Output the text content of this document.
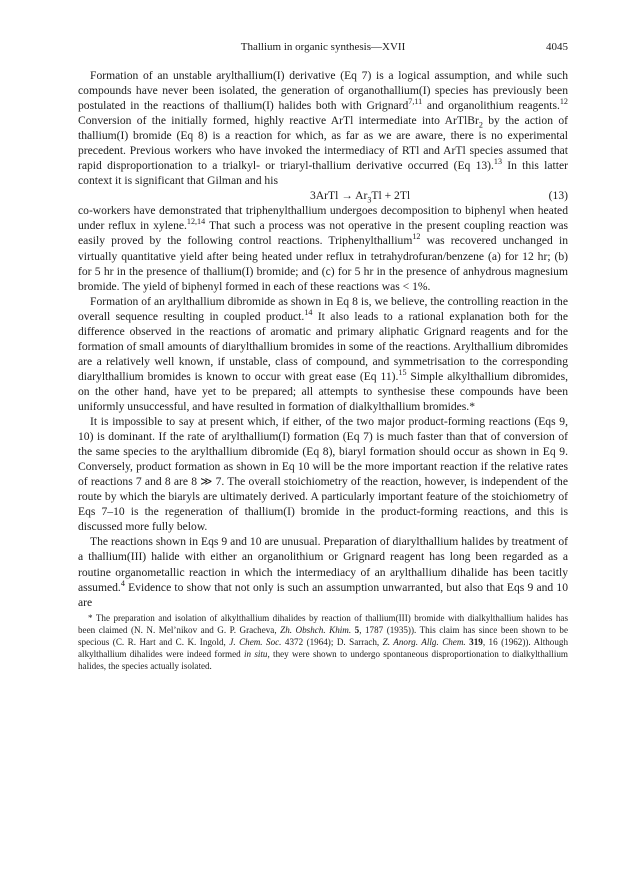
Thallium in organic synthesis—XVII	4045

Formation of an unstable arylthallium(I) derivative (Eq 7) is a logical assumption, and while such compounds have never been isolated, the generation of organothallium(I) species has previously been postulated in the reactions of thallium(I) halides both with Grignard$^{7,11}$ and organolithium reagents.$^{12}$ Conversion of the initially formed, highly reactive ArTl intermediate into ArTlBr$_2$ by the action of thallium(I) bromide (Eq 8) is a reaction for which, as far as we are aware, there is no experimental precedent. Previous workers who have invoked the intermediacy of RTl and ArTl species assumed that rapid disproportionation to a trialkyl- or triaryl-thallium derivative occurred (Eq 13).$^{13}$ In this latter context it is significant that Gilman and his

3ArTl → $Ar_3Tl + 2Tl$	(13)

co-workers have demonstrated that triphenylthallium undergoes decomposition to biphenyl when heated under reflux in xylene.$^{12,14}$ That such a process was not operative in the present coupling reaction was easily proved by the following control reactions. Triphenylthallium$^{12}$ was recovered unchanged in virtually quantitative yield after being heated under reflux in tetrahydrofuran/benzene (a) for 12 hr; (b) for 5 hr in the presence of thallium(I) bromide; and (c) for 5 hr in the presence of anhydrous magnesium bromide. The yield of biphenyl formed in each of these reactions was < 1%.

Formation of an arylthallium dibromide as shown in Eq 8 is, we believe, the controlling reaction in the overall sequence resulting in coupled product.$^{14}$ It also leads to a rational explanation both for the difference observed in the reactions of aromatic and primary aliphatic Grignard reagents and for the formation of small amounts of diarylthallium bromides in some of the reactions. Arylthallium dibromides are a relatively well known, if unstable, class of compound, and symmetrisation to the corresponding diarylthallium bromides is known to occur with great ease (Eq 11).$^{15}$ Simple alkylthallium dibromides, on the other hand, have yet to be prepared; all attempts to synthesise these compounds have been uniformly unsuccessful, and have resulted in formation of dialkylthallium bromides.*

It is impossible to say at present which, if either, of the two major product-forming reactions (Eqs 9, 10) is dominant. If the rate of arylthallium(I) formation (Eq 7) is much faster than that of conversion of the same species to the arylthallium dibromide (Eq 8), biaryl formation should occur as shown in Eq 9. Conversely, product formation as shown in Eq 10 will be the more important reaction if the relative rates of reactions 7 and 8 are 8 ≫ 7. The overall stoichiometry of the reaction, however, is independent of the route by which the biaryls are ultimately derived. A particularly important feature of the stoichiometry of Eqs 7–10 is the regeneration of thallium(I) bromide in the product-forming reactions, and this is discussed more fully below.

The reactions shown in Eqs 9 and 10 are unusual. Preparation of diarylthallium halides by treatment of a thallium(III) halide with either an organolithium or Grignard reagent has long been regarded as a routine organometallic reaction in which the intermediacy of an arylthallium dihalide has been tacitly assumed.$^4$ Evidence to show that not only is such an assumption unwarranted, but also that Eqs 9 and 10 are

* The preparation and isolation of alkylthallium dihalides by reaction of thallium(III) bromide with dialkylthallium halides has been claimed (N. N. Mel’nikov and G. P. Gracheva, Zh. Obshch. Khim. 5, 1787 (1935)). This claim has since been shown to be specious (C. R. Hart and C. K. Ingold, J. Chem. Soc. 4372 (1964); D. Sarrach, Z. Anorg. Allg. Chem. 319, 16 (1962)). Although alkylthallium dihalides were indeed formed in situ, they were shown to undergo spontaneous disproportionation to dialkylthallium halides, the species actually isolated.
